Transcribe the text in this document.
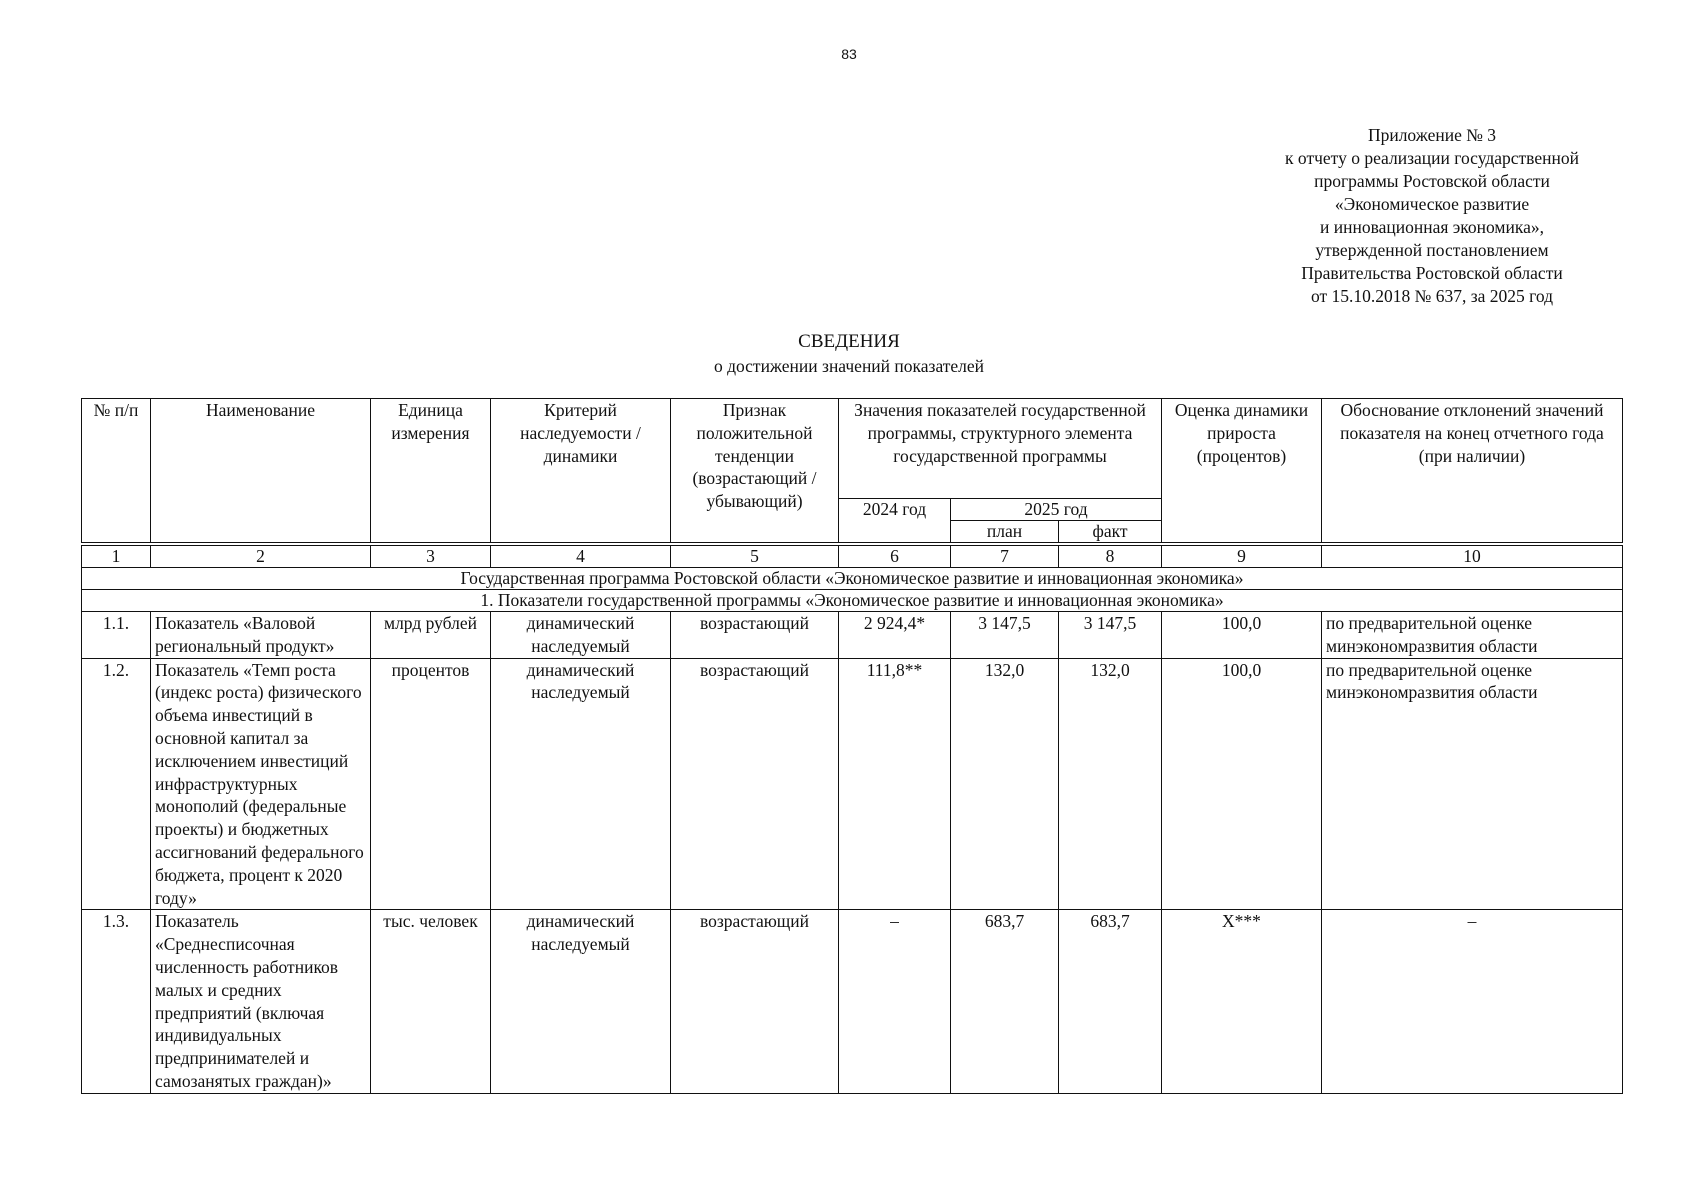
83
Приложение № 3
к отчету о реализации государственной
программы Ростовской области
«Экономическое развитие
и инновационная экономика»,
утвержденной постановлением
Правительства Ростовской области
от 15.10.2018 № 637, за 2025 год
СВЕДЕНИЯ
о достижении значений показателей
№ п/п	Наименование	Единица измерения	Критерий наследуемости / динамики	Признак положительной тенденции (возрастающий / убывающий)	Значения показателей государственной программы, структурного элемента государственной программы			Оценка динамики прироста (процентов)	Обоснование отклонений значений показателя на конец отчетного года (при наличии)
					2024 год	2025 год			
						план	факт		
1	2	3	4	5	6	7	8	9	10
Государственная программа Ростовской области «Экономическое развитие и инновационная экономика»									
1. Показатели государственной программы «Экономическое развитие и инновационная экономика»									
1.1.	Показатель «Валовой региональный продукт»	млрд рублей	динамический наследуемый	возрастающий	2 924,4*	3 147,5	3 147,5	100,0	по предварительной оценке минэкономразвития области
1.2.	Показатель «Темп роста (индекс роста) физического объема инвестиций в основной капитал за исключением инвестиций инфраструктурных монополий (федеральные проекты) и бюджетных ассигнований федерального бюджета, процент к 2020 году»	процентов	динамический наследуемый	возрастающий	111,8**	132,0	132,0	100,0	по предварительной оценке минэкономразвития области
1.3.	Показатель «Среднесписочная численность работников малых и средних предприятий (включая индивидуальных предпринимателей и самозанятых граждан)»	тыс. человек	динамический наследуемый	возрастающий	–	683,7	683,7	Х***	–
